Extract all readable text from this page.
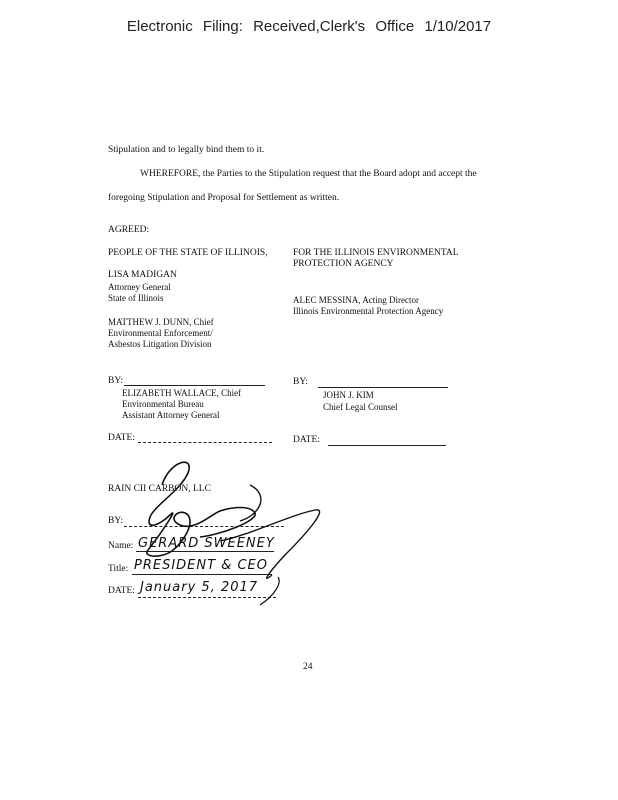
Electronic Filing: Received,Clerk's Office 1/10/2017
Stipulation and to legally bind them to it.
WHEREFORE, the Parties to the Stipulation request that the Board adopt and accept the
foregoing Stipulation and Proposal for Settlement as written.
AGREED:
PEOPLE OF THE STATE OF ILLINOIS,
LISA MADIGAN
Attorney General
State of Illinois
MATTHEW J. DUNN, Chief
Environmental Enforcement/
Asbestos Litigation Division
BY:
ELIZABETH WALLACE, Chief
Environmental Bureau
Assistant Attorney General
DATE:
FOR THE ILLINOIS ENVIRONMENTAL
PROTECTION AGENCY
ALEC MESSINA, Acting Director
Illinois Environmental Protection Agency
BY:
JOHN J. KIM
Chief Legal Counsel
DATE:
RAIN CII CARBON, LLC
BY:
Name: GERARD SWEENEY
Title: PRESIDENT & CEO
DATE: January 5, 2017
24
